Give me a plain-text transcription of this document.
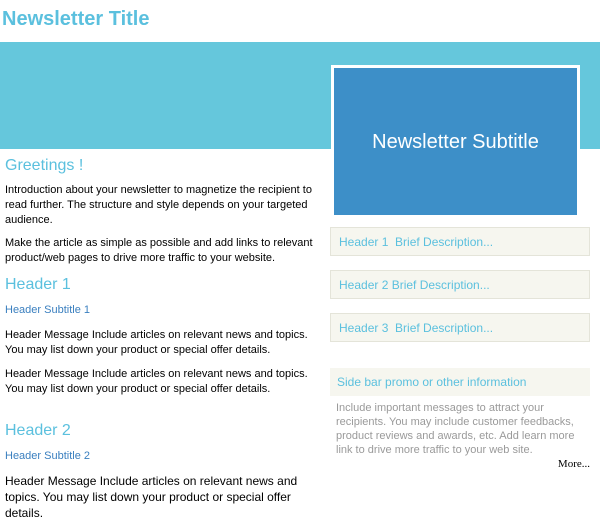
Newsletter Title
Newsletter Subtitle
Greetings !

Introduction about your newsletter to magnetize the recipient to read further. The structure and style depends on your targeted audience.

Make the article as simple as possible and add links to relevant product/web pages to drive more traffic to your website.

Header 1
Header Subtitle 1

Header Message Include articles on relevant news and topics. You may list down your product or special offer details.

Header Message Include articles on relevant news and topics. You may list down your product or special offer details.

Header 2
Header Subtitle 2

Header Message Include articles on relevant news and topics. You may list down your product or special offer details.

Header 1  Brief Description...
Header 2 Brief Description...
Header 3  Brief Description...
Side bar promo or other information
Include important messages to attract your recipients. You may include customer feedbacks, product reviews and awards, etc. Add learn more link to drive more traffic to your web site.
More...
